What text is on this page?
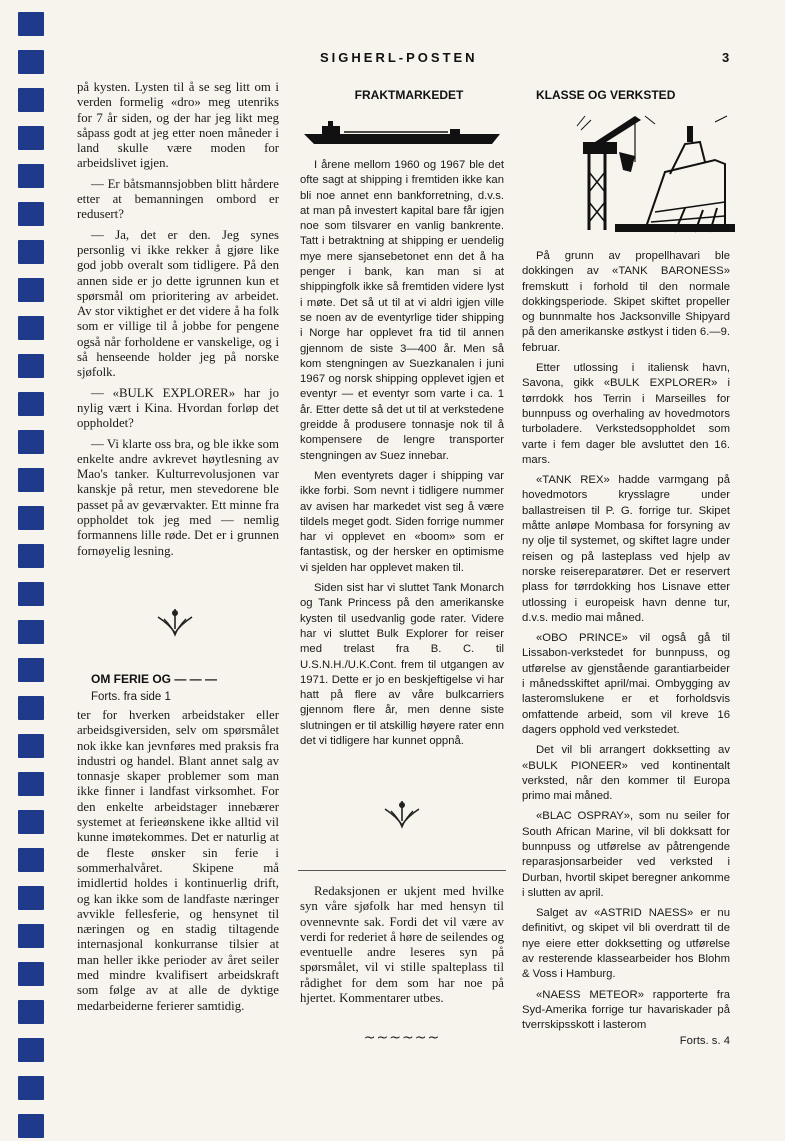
SIGHERL-POSTEN	3

på kysten. Lysten til å se seg litt om i verden formelig «dro» meg utenriks for 7 år siden, og der har jeg likt meg såpass godt at jeg etter noen måneder i land skulle være moden for arbeidslivet igjen.

— Er båtsmannsjobben blitt hårdere etter at bemanningen ombord er redusert?

— Ja, det er den. Jeg synes personlig vi ikke rekker å gjøre like god jobb overalt som tidligere. På den annen side er jo dette igrunnen kun et spørsmål om prioritering av arbeidet. Av stor viktighet er det videre å ha folk som er villige til å jobbe for pengene også når forholdene er vanskelige, og i så henseende holder jeg på norske sjøfolk.

— «BULK EXPLORER» har jo nylig vært i Kina. Hvordan forløp det oppholdet?

— Vi klarte oss bra, og ble ikke som enkelte andre avkrevet høytlesning av Mao's tanker. Kulturrevolusjonen var kanskje på retur, men stevedorene ble passet på av geværvakter. Ett minne fra oppholdet tok jeg med — nemlig formannens lille røde. Det er i grunnen fornøyelig lesning.

OM FERIE OG — — —

Forts. fra side 1

ter for hverken arbeidstaker eller arbeidsgiversiden, selv om spørsmålet nok ikke kan jevnføres med praksis fra industri og handel. Blant annet salg av tonnasje skaper problemer som man ikke finner i landfast virksomhet. For den enkelte arbeidstager innebærer systemet at ferieønskene ikke alltid vil kunne imøtekommes. Det er naturlig at de fleste ønsker sin ferie i sommerhalvåret. Skipene må imidlertid holdes i kontinuerlig drift, og kan ikke som de landfaste næringer avvikle fellesferie, og hensynet til næringen og en stadig tiltagende internasjonal konkurranse tilsier at man heller ikke perioder av året seiler med mindre kvalifisert arbeidskraft som følge av at alle de dyktige medarbeiderne ferierer samtidig.

FRAKTMARKEDET

I årene mellom 1960 og 1967 ble det ofte sagt at shipping i fremtiden ikke kan bli noe annet enn bankforretning, d.v.s. at man på investert kapital bare får igjen noe som tilsvarer en vanlig bankrente. Tatt i betraktning at shipping er uendelig mye mere sjansebetonet enn det å ha penger i bank, kan man si at shippingfolk ikke så fremtiden videre lyst i møte. Det så ut til at vi aldri igjen ville se noen av de eventyrlige tider shipping i Norge har opplevet fra tid til annen gjennom de siste 3—400 år. Men så kom stengningen av Suezkanalen i juni 1967 og norsk shipping opplevet igjen et eventyr — et eventyr som varte i ca. 1 år. Etter dette så det ut til at verkstedene greidde å produsere tonnasje nok til å kompensere de lengre transporter stengningen av Suez innebar.

Men eventyrets dager i shipping var ikke forbi. Som nevnt i tidligere nummer av avisen har markedet vist seg å være tildels meget godt. Siden forrige nummer har vi opplevet en «boom» som er fantastisk, og der hersker en optimisme vi sjelden har opplevet maken til.

Siden sist har vi sluttet Tank Monarch og Tank Princess på den amerikanske kysten til usedvanlig gode rater. Videre har vi sluttet Bulk Explorer for reiser med trelast fra B. C. til U.S.N.H./U.K.Cont. frem til utgangen av 1971. Dette er jo en beskjeftigelse vi har hatt på flere av våre bulkcarriers gjennom flere år, men denne siste slutningen er til atskillig høyere rater enn det vi tidligere har kunnet oppnå.

Redaksjonen er ukjent med hvilke syn våre sjøfolk har med hensyn til ovennevnte sak. Fordi det vil være av verdi for rederiet å høre de seilendes og eventuelle andre leseres syn på spørsmålet, vil vi stille spalteplass til rådighet for dem som har noe på hjertet. Kommentarer utbes.

~~~~~~

KLASSE OG VERKSTED

På grunn av propellhavari ble dokkingen av «TANK BARONESS» fremskutt i forhold til den normale dokkingsperiode. Skipet skiftet propeller og bunnmalte hos Jacksonville Shipyard på den amerikanske østkyst i tiden 6.—9. februar.

Etter utlossing i italiensk havn, Savona, gikk «BULK EXPLORER» i tørrdokk hos Terrin i Marseilles for bunnpuss og overhaling av hovedmotors turboladere. Verkstedsoppholdet som varte i fem dager ble avsluttet den 16. mars.

«TANK REX» hadde varmgang på hovedmotors krysslagre under ballastreisen til P. G. forrige tur. Skipet måtte anløpe Mombasa for forsyning av ny olje til systemet, og skiftet lagre under reisen og på lasteplass ved hjelp av norske reisereparatører. Det er reservert plass for tørrdokking hos Lisnave etter utlossing i europeisk havn denne tur, d.v.s. medio mai måned.

«OBO PRINCE» vil også gå til Lissabon-verkstedet for bunnpuss, og utførelse av gjenstående garantiarbeider i månedsskiftet april/mai. Ombygging av lasteromslukene er et forholdsvis omfattende arbeid, som vil kreve 16 dagers opphold ved verkstedet.

Det vil bli arrangert dokksetting av «BULK PIONEER» ved kontinentalt verksted, når den kommer til Europa primo mai måned.

«BLAC OSPRAY», som nu seiler for South African Marine, vil bli dokksatt for bunnpuss og utførelse av påtrengende reparasjonsarbeider ved verksted i Durban, hvortil skipet beregner ankomme i slutten av april.

Salget av «ASTRID NAESS» er nu definitivt, og skipet vil bli overdratt til de nye eiere etter dokksetting og utførelse av resterende klassearbeider hos Blohm & Voss i Hamburg.

«NAESS METEOR» rapporterte fra Syd-Amerika forrige tur havariskader på tverrskipsskott i lasterom

Forts. s. 4
